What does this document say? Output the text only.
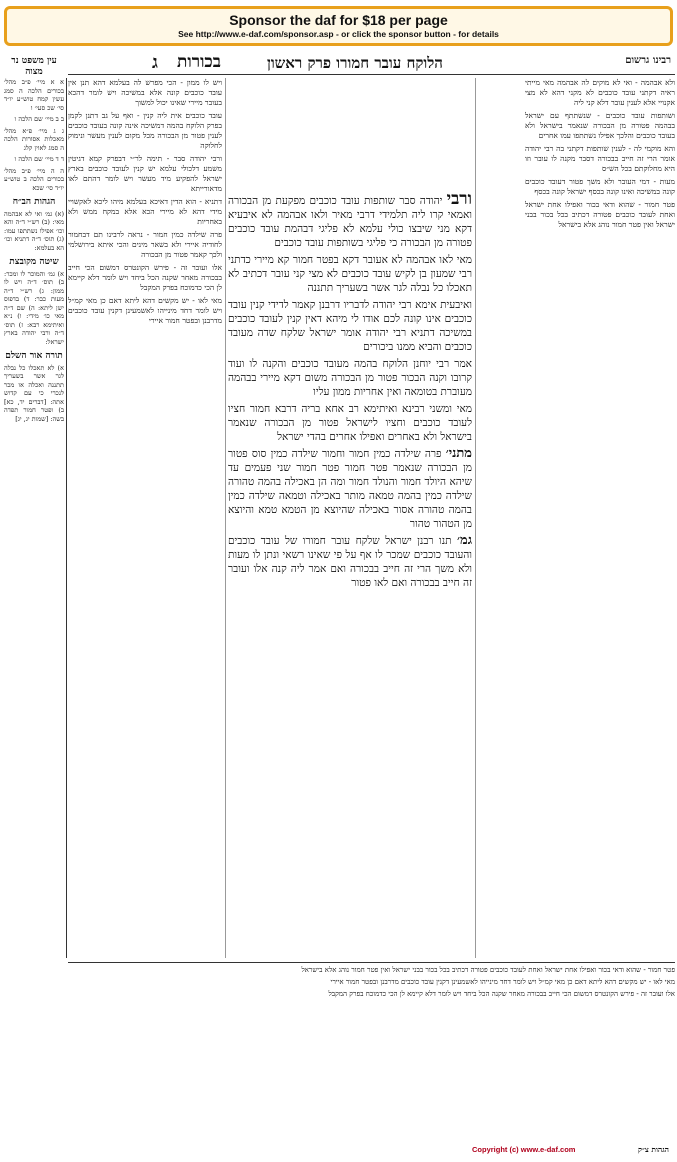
Sponsor the daf for $18 per page
See http://www.e-daf.com/sponsor.asp - or click the sponsor button - for details
ג בכורות	הלוקח עובר חמורו פרק ראשון	רבינו גרשום
עין משפט נר מצוה

ורבי יהודה סבר שותפות עובד כוכבים מפקעת מן הבכורה ואמאי קרו ליה תלמידי דרבי מאיר ולאו אבהמה לא איבעיא דקא מני שיבצו כולי עלמא לא פליגי דבהמת עובד כוכבים פטורה מן הבכורה כי פליגי בשותפות עובד כוכבים

מאי לאו אבהמה לא אעובר דקא בפטר חמור קא מיירי כדתני רבי שמעון בן לקיש עובד כוכבים לא מצי קני עובר דכתיב לא תאכלו כל נבלה לגר אשר בשעריך תתננה

ואיבעית אימא רבי יהודה לדבריו דרבנן קאמר לדידי קנין עובד כוכבים אינו קונה לכם אודו לי מיהא דאין קנין לעובד כוכבים במשיכה דתניא רבי יהודה אומר ישראל שלקח שדה מעובד כוכבים והביא ממנו ביכורים

אמר רבי יוחנן הלוקח בהמה מעובד כוכבים והקנה לו ועוד קרובו וקנה הבכור פטור מן הבכורה משום דקא מיירי בבהמה מעוברת בטומאה ואין אחריות ממון עליו

מאי ומשני רבינא ואיתימא רב אחא בריה דרבא חמור חציו לעובד כוכבים וחציו לישראל פטור מן הבכורה שנאמר בישראל ולא באחרים ואפילו אחרים בהדי ישראל

מתני׳ פרה שילדה כמין חמור וחמור שילדה כמין סוס פטור מן הבכורה שנאמר פטר חמור פטר חמור שני פעמים עד שיהא היולד חמור והנולד חמור ומה הן באכילה בהמה טהורה שילדה כמין בהמה טמאה מותר באכילה וטמאה שילדה כמין בהמה טהורה אסור באכילה שהיוצא מן הטמא טמא והיוצא מן הטהור טהור

גמ׳ תנו רבנן ישראל שלקח עובר חמורו של עובד כוכבים והעובד כוכבים שמכר לו אף על פי שאינו רשאי ונתן לו מעות ולא משך הרי זה חייב בבכורה ואם אמר ליה קנה אלו ועובר זה חייב בבכורה ואם לאו פטור

ולא אבהמה - ואי לא מוקים לה אבהמה מאי מייתי ראיה דקתני עובד כוכבים לא מקני דהא לא מצי אקנויי אלא לענין עובר דלא קני ליה

ושותפות עובד כוכבים - שנשתתף עם ישראל בבהמה פטורה מן הבכורה שנאמר בישראל ולא בעובד כוכבים והלכך אפילו נשתתפו עמו אחרים

והא מוקמי לה - לענין שותפות דקתני בה רבי יהודה אומר הרי זה חייב בבכורה דסבר מקנה לו עובר וזו היא מחלוקתם בכל הש״ס

מעות - דמי העובר ולא משך פטור דעובד כוכבים קונה במשיכה ואינו קונה בכסף ישראל קונה בכסף

פטר חמור - שהוא ודאי בכור ואפילו אחת ישראל ואחת לעובד כוכבים פטורה דכתיב בכל בכור בבני ישראל ואין פטר חמור נוהג אלא בישראל

ויש לו ממון - הכי מפרש לה בעלמא דהא תנן אין עובד כוכבים קונה אלא במשיכה ויש לומר דהכא בעובר מיירי שאינו יכול למשוך

עובד כוכבים אית ליה קנין - ואף על גב דתנן לקמן בפרק הלוקח בהמה דמשיכה אינה קונה בעובד כוכבים לענין פטור מן הבכורה מכל מקום לענין מעשר ונימוק לחלוקה

ורבי יהודה סבר - תימה לר״י דבפרק קמא דגיטין משמע דלכולי עלמא יש קנין לעובד כוכבים בארץ ישראל להפקיע מיד מעשר ויש לומר דהתם לאו מדאורייתא

דתניא - הוא הדין דאיכא בעלמא מיהו ליכא לאקשויי מידי דהא לא מיירי הכא אלא במקח ממש ולא באחריות

פרה שילדה כמין חמור - נראה לרבינו תם דבחמור לחודיה איירי ולא בשאר מינים והכי איתא בירושלמי ולכך קאמר פטור מן הבכורה

אלו ועובר זה - פירש הקונטרס דמשום הכי חייב בבכורה מאחר שקנה הכל ביחד ויש לומר דלא קיימא לן הכי כדמוכח בפרק המקבל

מאי לאו - יש מקשים דהא ליתא דאם כן מאי קמ״ל ויש לומר דחד מינייהו לאשמעינן דקנין עובד כוכבים מדרבנן ובפטר חמור איירי

א א מיי׳ פ״ב מהל׳ בכורים הלכה ה סמג עשין קמח טוש״ע יו״ד סי׳ שכ סעי׳ ו

ב ב מיי׳ שם הלכה ו

ג ג מיי׳ פ״א מהל׳ מאכלות אסורות הלכה ה סמג לאוין קלג

ד ד מיי׳ שם הלכה ו

ה ה מיי׳ פ״ב מהל׳ בכורים הלכה ב טוש״ע יו״ד סי׳ שכא

הגהות הב״ח

(א) גמ׳ ואי לא אבהמה מאי: (ב) רש״י ד״ה והא וכו׳ אפילו נשתתפו עמו: (ג) תוס׳ ד״ה דתניא וכו׳ הא בעלמא:

שיטה מקובצת

א) גמ׳ והמוכר לו ומכר: ב) תוס׳ ד״ה ויש לו ממון: ג) רש״י ד״ה מעות כבר: ד) בדפוס ישן ליתא: ה) שם ד״ה מאי כו׳ מידי: ו) נ״א ואיתימא רבא: ז) תוס׳ ד״ה ורבי יהודה בארץ ישראל:

תורה אור השלם

א) לא תאכלו כל נבלה לגר אשר בשעריך תתננה ואכלה או מכר לנכרי כי עם קדוש אתה: [דברים יד, כא] ב) ופטר חמור תפדה בשה: [שמות יג, יג]

פטר חמור - שהוא ודאי בכור ואפילו אחת ישראל ואחת לעובד כוכבים פטורה דכתיב בכל בכור בבני ישראל ואין פטר חמור נוהג אלא בישראל

מאי לאו - יש מקשים דהא ליתא דאם כן מאי קמ״ל ויש לומר דחד מינייהו לאשמעינן דקנין עובד כוכבים מדרבנן ובפטר חמור איירי

אלו ועובר זה - פירש הקונטרס דמשום הכי חייב בבכורה מאחר שקנה הכל ביחד ויש לומר דלא קיימא לן הכי כדמוכח בפרק המקבל

Copyright (c) www.e-daf.com	הגהות צ״ק
